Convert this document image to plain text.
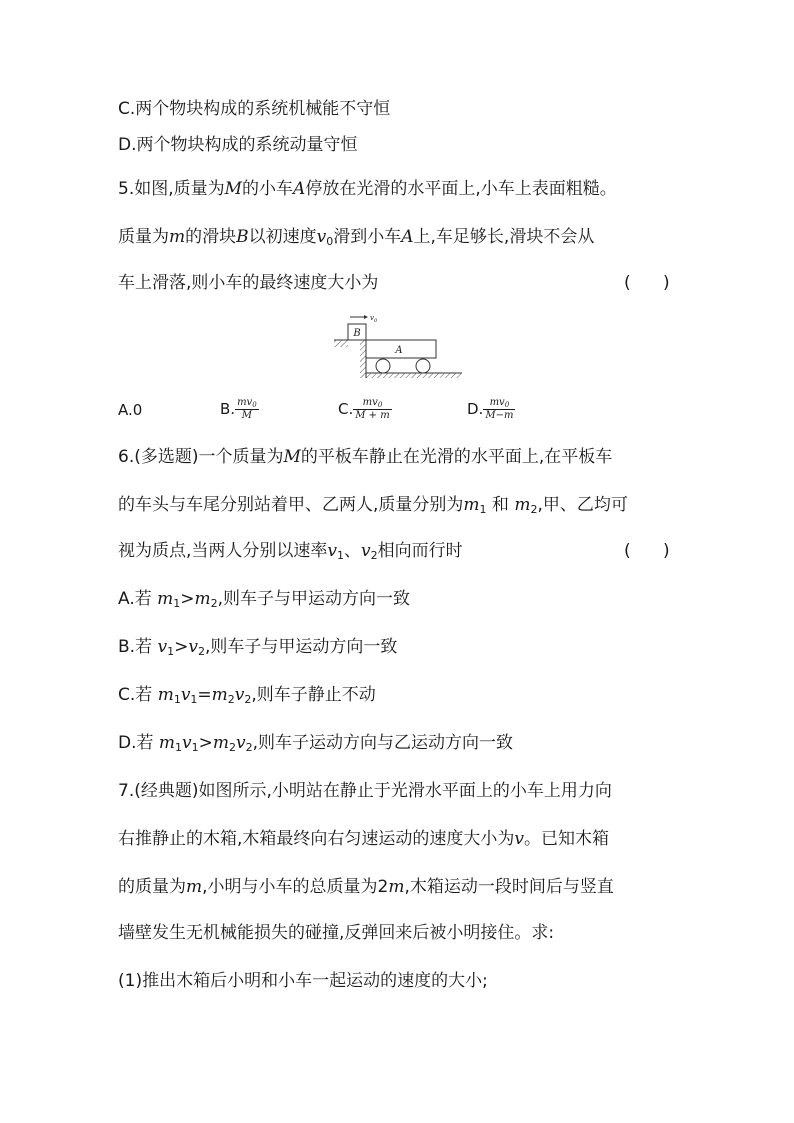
C.两个物块构成的系统机械能不守恒
D.两个物块构成的系统动量守恒
5.如图,质量为M的小车A停放在光滑的水平面上,小车上表面粗糙。
质量为m的滑块B以初速度$v_0$滑到小车A上,车足够长,滑块不会从
车上滑落,则小车的最终速度大小为	(      )
B
$v_0$
A
A.0	B. $\frac{mv_0}{M}$	C. $\frac{mv_0}{M + m}$	D. $\frac{mv_0}{M-m}$
6.(多选题)一个质量为M的平板车静止在光滑的水平面上,在平板车
的车头与车尾分别站着甲、乙两人,质量分别为$m_1$ 和 $m_2$,甲、乙均可
视为质点,当两人分别以速率$v_1$、$v_2$相向而行时	(      )
A.若 $m_1>m_2$,则车子与甲运动方向一致
B.若 $v_1>v_2$,则车子与甲运动方向一致
C.若 $m_1v_1=m_2v_2$,则车子静止不动
D.若 $m_1v_1>m_2v_2$,则车子运动方向与乙运动方向一致
7.(经典题)如图所示,小明站在静止于光滑水平面上的小车上用力向
右推静止的木箱,木箱最终向右匀速运动的速度大小为v。已知木箱
的质量为m,小明与小车的总质量为2m,木箱运动一段时间后与竖直
墙壁发生无机械能损失的碰撞,反弹回来后被小明接住。求:
(1)推出木箱后小明和小车一起运动的速度的大小;
